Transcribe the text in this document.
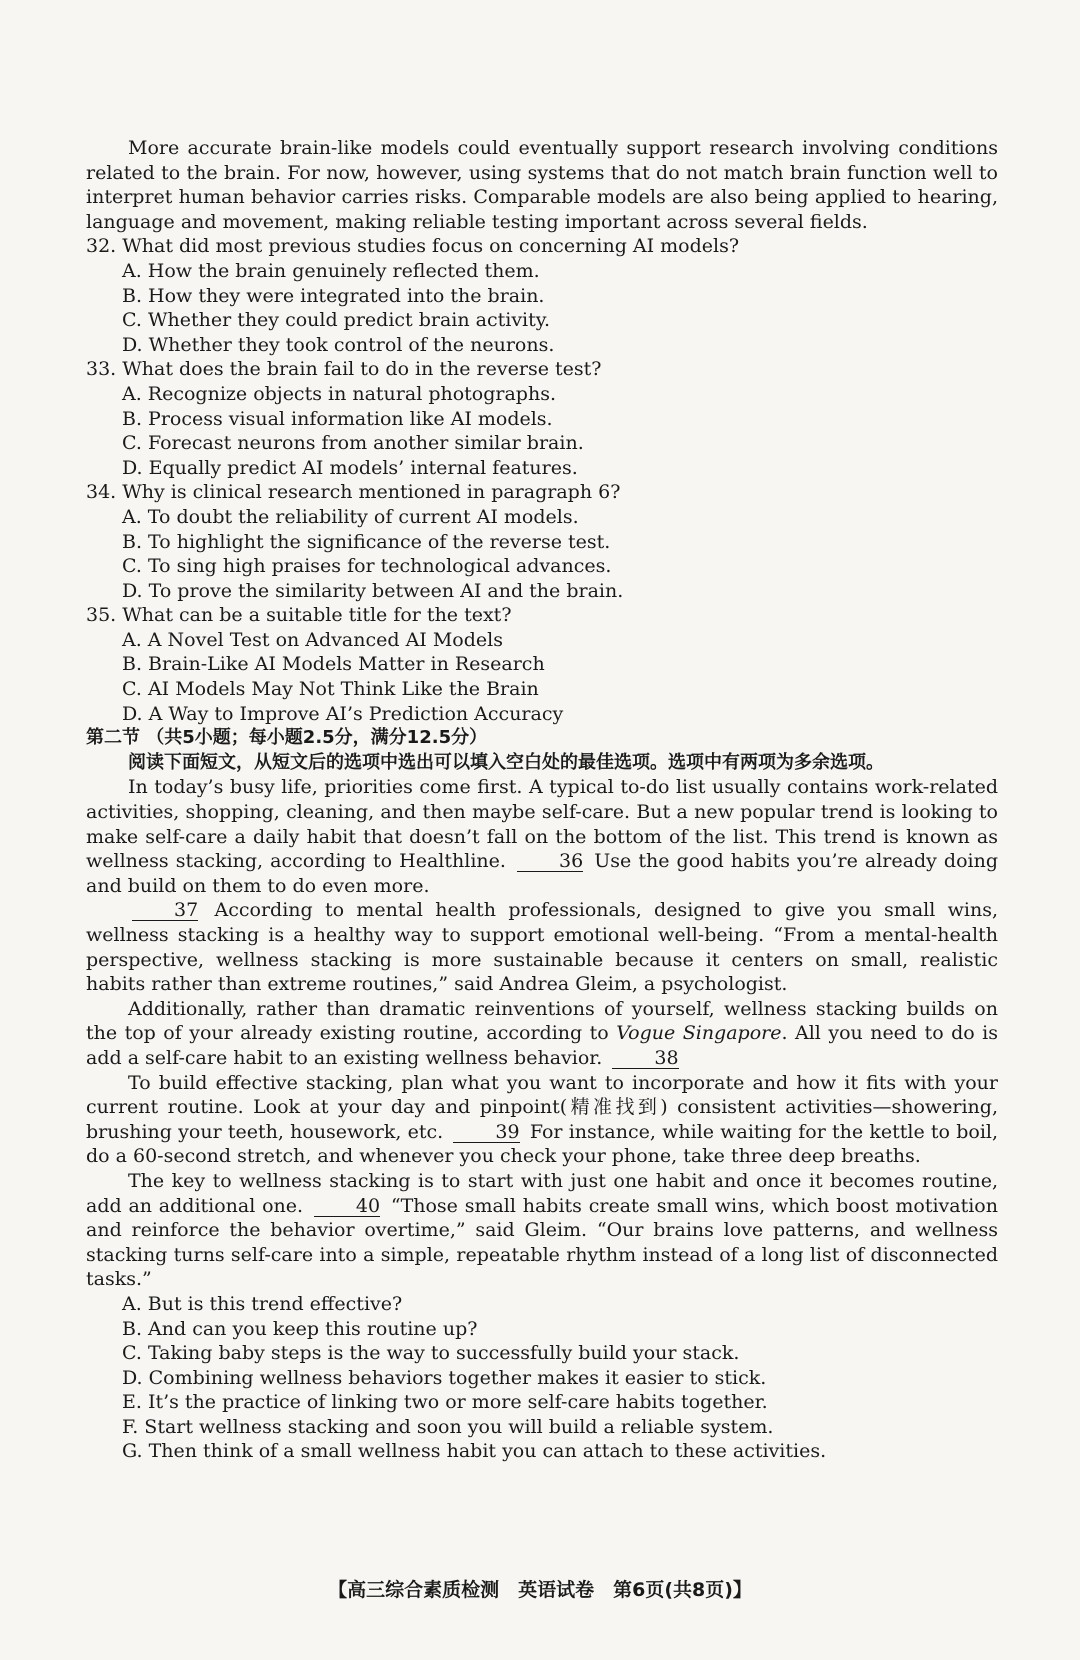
More accurate brain-like models could eventually support research involving conditions related to the brain. For now, however, using systems that do not match brain function well to interpret human behavior carries risks. Comparable models are also being applied to hearing, language and movement, making reliable testing important across several fields.

32. What did most previous studies focus on concerning AI models?

A. How the brain genuinely reflected them.

B. How they were integrated into the brain.

C. Whether they could predict brain activity.

D. Whether they took control of the neurons.

33. What does the brain fail to do in the reverse test?

A. Recognize objects in natural photographs.

B. Process visual information like AI models.

C. Forecast neurons from another similar brain.

D. Equally predict AI models’ internal features.

34. Why is clinical research mentioned in paragraph 6?

A. To doubt the reliability of current AI models.

B. To highlight the significance of the reverse test.

C. To sing high praises for technological advances.

D. To prove the similarity between AI and the brain.

35. What can be a suitable title for the text?

A. A Novel Test on Advanced AI Models

B. Brain-Like AI Models Matter in Research

C. AI Models May Not Think Like the Brain

D. A Way to Improve AI’s Prediction Accuracy

第二节 （共5小题；每小题2.5分，满分12.5分）

阅读下面短文，从短文后的选项中选出可以填入空白处的最佳选项。选项中有两项为多余选项。

In today’s busy life, priorities come first. A typical to-do list usually contains work-related activities, shopping, cleaning, and then maybe self-care. But a new popular trend is looking to make self-care a daily habit that doesn’t fall on the bottom of the list. This trend is known as wellness stacking, according to Healthline.	36 Use the good habits you’re already doing and build on them to do even more.

37 According to mental health professionals, designed to give you small wins, wellness stacking is a healthy way to support emotional well-being. “From a mental-health perspective, wellness stacking is more sustainable because it centers on small, realistic habits rather than extreme routines,” said Andrea Gleim, a psychologist.

Additionally, rather than dramatic reinventions of yourself, wellness stacking builds on the top of your already existing routine, according to Vogue Singapore. All you need to do is add a self-care habit to an existing wellness behavior.	38

To build effective stacking, plan what you want to incorporate and how it fits with your current routine. Look at your day and pinpoint(精准找到) consistent activities—showering, brushing your teeth, housework, etc.	39 For instance, while waiting for the kettle to boil, do a 60-second stretch, and whenever you check your phone, take three deep breaths.

The key to wellness stacking is to start with just one habit and once it becomes routine, add an additional one.	40 “Those small habits create small wins, which boost motivation and reinforce the behavior overtime,” said Gleim. “Our brains love patterns, and wellness stacking turns self-care into a simple, repeatable rhythm instead of a long list of disconnected tasks.”

A. But is this trend effective?

B. And can you keep this routine up?

C. Taking baby steps is the way to successfully build your stack.

D. Combining wellness behaviors together makes it easier to stick.

E. It’s the practice of linking two or more self-care habits together.

F. Start wellness stacking and soon you will build a reliable system.

G. Then think of a small wellness habit you can attach to these activities.

【高三综合素质检测　英语试卷　第6页(共8页)】
